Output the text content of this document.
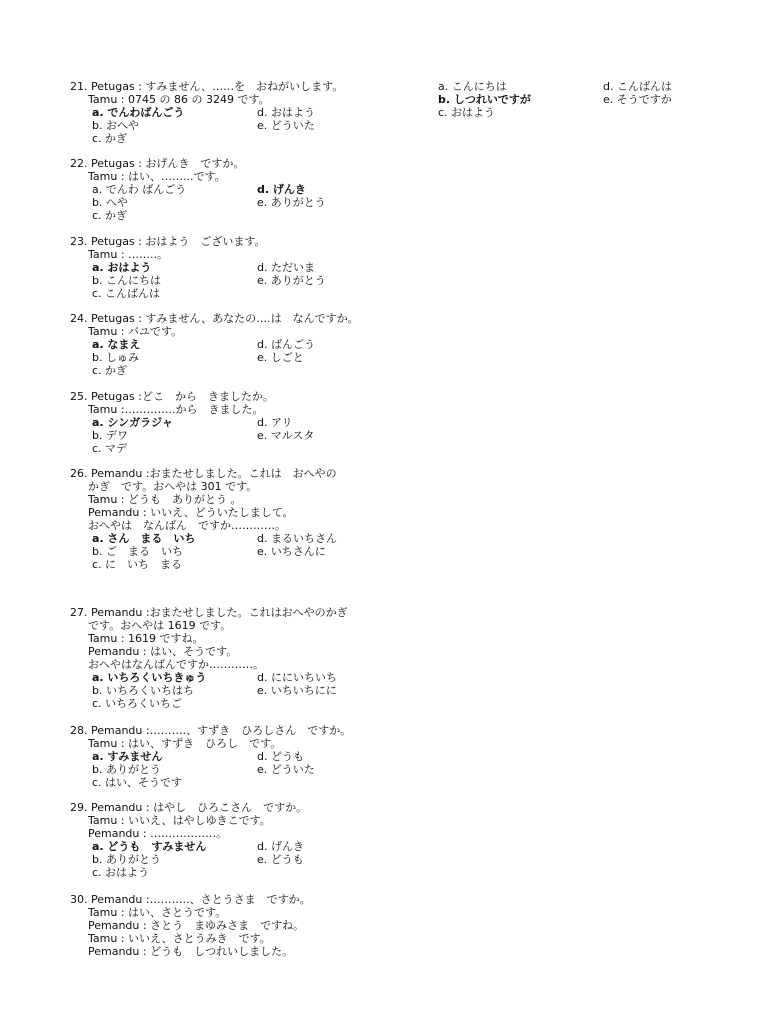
21. Petugas : すみません、……を　おねがいします。
Tamu : 0745 の 86 の 3249 です。
a. でんわばんごう	d. おはよう
b. おへや	e. どういた
c. かぎ
22. Petugas : おげんき　ですか。
Tamu : はい、……...です。
a. でんわ ばんごう	d. げんき
b. へや	e. ありがとう
c. かぎ
23. Petugas : おはよう　ございます。
Tamu : ……..。
a. おはよう	d. ただいま
b. こんにちは	e. ありがとう
c. こんばんは
24. Petugas : すみません、あなたの….は　なんですか。
Tamu : バユです。
a. なまえ	d. ばんごう
b. しゅみ	e. しごと
c. かぎ
25. Petugas :どこ　から　きましたか。
Tamu :…………..から　きました。
a. シンガラジャ	d. アリ
b. デワ	e. マルスタ
c. マデ
26. Pemandu :おまたせしました。これは　おへやの
かぎ　です。おへやは 301 です。
Tamu : どうも　ありがとう 。
Pemandu : いいえ、どういたしまして。
おへやは　なんばん　ですか…………。
a. さん　まる　いち	d. まるいちさん
b. ご　まる　いち	e. いちさんに
c. に　いち　まる
27. Pemandu :おまたせしました。これはおへやのかぎ
です。おへやは 1619 です。
Tamu : 1619 ですね。
Pemandu : はい、そうです。
おへやはなんばんですか…………。
a. いちろくいちきゅう	d. ににいちいち
b. いちろくいちはち	e. いちいちにに
c. いちろくいちご
28. Pemandu :……….、すずき　ひろしさん　ですか。
Tamu : はい、すずき　ひろし　です。
a. すみません	d. どうも
b. ありがとう	e. どういた
c. はい、そうです
29. Pemandu : はやし　ひろこさん　ですか。
Tamu : いいえ、はやしゆきこです。
Pemandu : ………………。
a. どうも　すみません	d. げんき
b. ありがとう	e. どうも
c. おはよう
30. Pemandu :………..、さとうさま　ですか。
Tamu : はい、さとうです。
Pemandu : さとう　まゆみさま　ですね。
Tamu : いいえ、さとうみき　です。
Pemandu : どうも　しつれいしました。
a. こんにちは
b. しつれいですが
c. おはよう
d. こんばんは
e. そうですか
